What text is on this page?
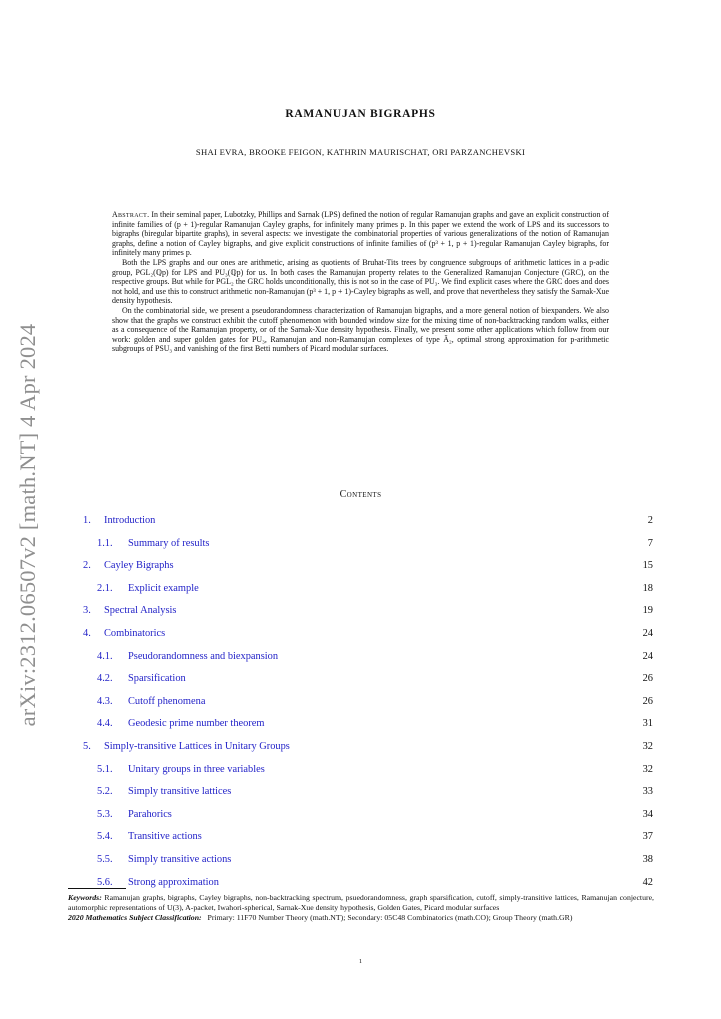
arXiv:2312.06507v2 [math.NT] 4 Apr 2024
RAMANUJAN BIGRAPHS
SHAI EVRA, BROOKE FEIGON, KATHRIN MAURISCHAT, ORI PARZANCHEVSKI

Abstract. In their seminal paper, Lubotzky, Phillips and Sarnak (LPS) defined the notion of regular Ramanujan graphs and gave an explicit construction of infinite families of (p + 1)-regular Ramanujan Cayley graphs, for infinitely many primes p. In this paper we extend the work of LPS and its successors to bigraphs (biregular bipartite graphs), in several aspects: we investigate the combinatorial properties of various generalizations of the notion of Ramanujan graphs, define a notion of Cayley bigraphs, and give explicit constructions of infinite families of (p³ + 1, p + 1)-regular Ramanujan Cayley bigraphs, for infinitely many primes p.

Both the LPS graphs and our ones are arithmetic, arising as quotients of Bruhat-Tits trees by congruence subgroups of arithmetic lattices in a p-adic group, PGL₂(ℚp) for LPS and PU₃(ℚp) for us. In both cases the Ramanujan property relates to the Generalized Ramanujan Conjecture (GRC), on the respective groups. But while for PGL₂ the GRC holds unconditionally, this is not so in the case of PU₃. We find explicit cases where the GRC does and does not hold, and use this to construct arithmetic non-Ramanujan (p³ + 1, p + 1)-Cayley bigraphs as well, and prove that nevertheless they satisfy the Sarnak-Xue density hypothesis.

On the combinatorial side, we present a pseudorandomness characterization of Ramanujan bigraphs, and a more general notion of biexpanders. We also show that the graphs we construct exhibit the cutoff phenomenon with bounded window size for the mixing time of non-backtracking random walks, either as a consequence of the Ramanujan property, or of the Sarnak-Xue density hypothesis. Finally, we present some other applications which follow from our work: golden and super golden gates for PU₃, Ramanujan and non-Ramanujan complexes of type Ã₂, optimal strong approximation for p-arithmetic subgroups of PSU₃ and vanishing of the first Betti numbers of Picard modular surfaces.

Contents
1. Introduction	2
1.1. Summary of results	7
2. Cayley Bigraphs	15
2.1. Explicit example	18
3. Spectral Analysis	19
4. Combinatorics	24
4.1. Pseudorandomness and biexpansion	24
4.2. Sparsification	26
4.3. Cutoff phenomena	26
4.4. Geodesic prime number theorem	31
5. Simply-transitive Lattices in Unitary Groups	32
5.1. Unitary groups in three variables	32
5.2. Simply transitive lattices	33
5.3. Parahorics	34
5.4. Transitive actions	37
5.5. Simply transitive actions	38
5.6. Strong approximation	42

Keywords: Ramanujan graphs, bigraphs, Cayley bigraphs, non-backtracking spectrum, psuedorandomness, graph sparsification, cutoff, simply-transitive lattices, Ramanujan conjecture, automorphic representations of U(3), A-packet, Iwahori-spherical, Sarnak-Xue density hypothesis, Golden Gates, Picard modular surfaces

2020 Mathematics Subject Classification: Primary: 11F70 Number Theory (math.NT); Secondary: 05C48 Combinatorics (math.CO); Group Theory (math.GR)

1
